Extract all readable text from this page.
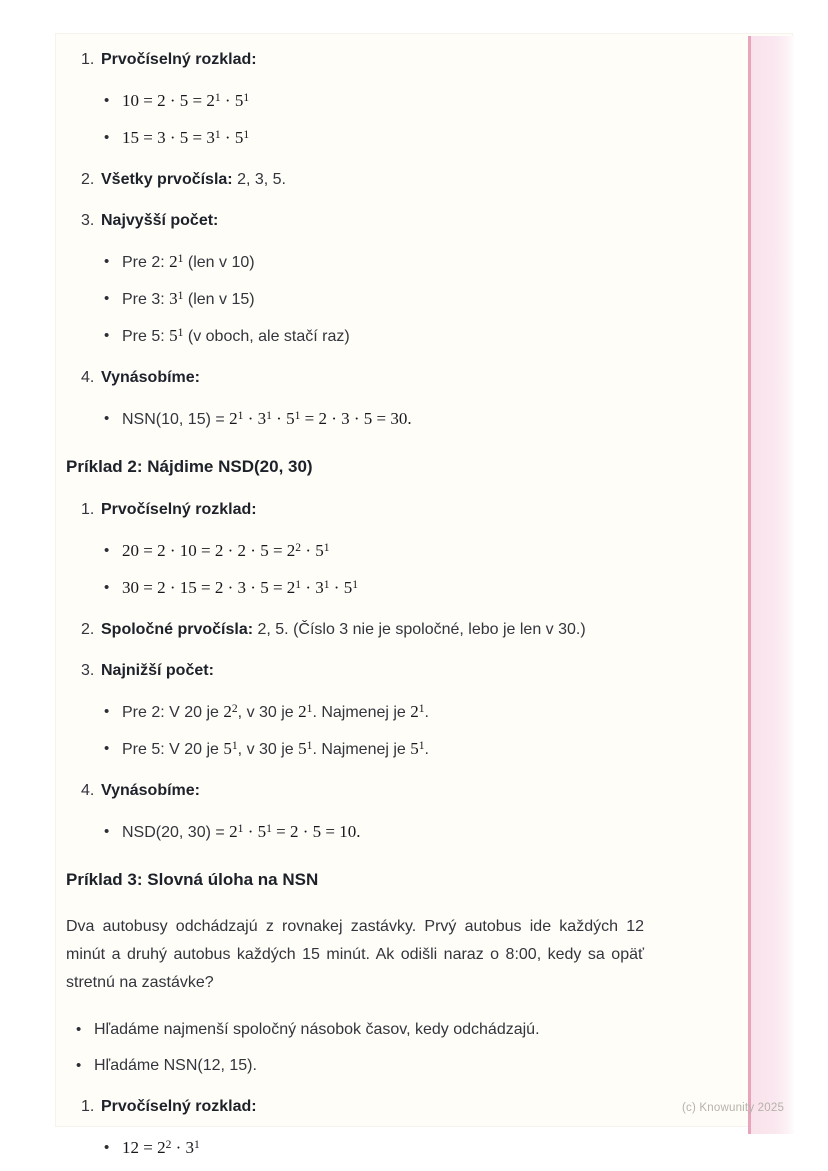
(c) Knowunity 2025
1. Prvočíselný rozklad:
• $10 = 2 \cdot 5 = 2^1 \cdot 5^1$
• $15 = 3 \cdot 5 = 3^1 \cdot 5^1$
2. Všetky prvočísla: 2, 3, 5.
3. Najvyšší počet:
• Pre 2: $2^1$ (len v 10)
• Pre 3: $3^1$ (len v 15)
• Pre 5: $5^1$ (v oboch, ale stačí raz)
4. Vynásobíme:
• NSN(10, $15) = 2^1 \cdot 3^1 \cdot 5^1 = 2 \cdot 3 \cdot 5 = 30$.
Príklad 2: Nájdime NSD(20, 30)
1. Prvočíselný rozklad:
• $20 = 2 \cdot 10 = 2 \cdot 2 \cdot 5 = 2^2 \cdot 5^1$
• $30 = 2 \cdot 15 = 2 \cdot 3 \cdot 5 = 2^1 \cdot 3^1 \cdot 5^1$
2. Spoločné prvočísla: 2, 5. (Číslo 3 nie je spoločné, lebo je len v 30.)
3. Najnižší počet:
• Pre 2: V 20 je $2^2$, v 30 je $2^1$. Najmenej je $2^1$.
• Pre 5: V 20 je $5^1$, v 30 je $5^1$. Najmenej je $5^1$.
4. Vynásobíme:
• NSD(20, $30) = 2^1 \cdot 5^1 = 2 \cdot 5 = 10$.
Príklad 3: Slovná úloha na NSN

Dva autobusy odchádzajú z rovnakej zastávky. Prvý autobus ide každých 12 minút a druhý autobus každých 15 minút. Ak odišli naraz o 8:00, kedy sa opäť stretnú na zastávke?

• Hľadáme najmenší spoločný násobok časov, kedy odchádzajú.
• Hľadáme NSN(12, 15).
1. Prvočíselný rozklad:
• $12 = 2^2 \cdot 3^1$
